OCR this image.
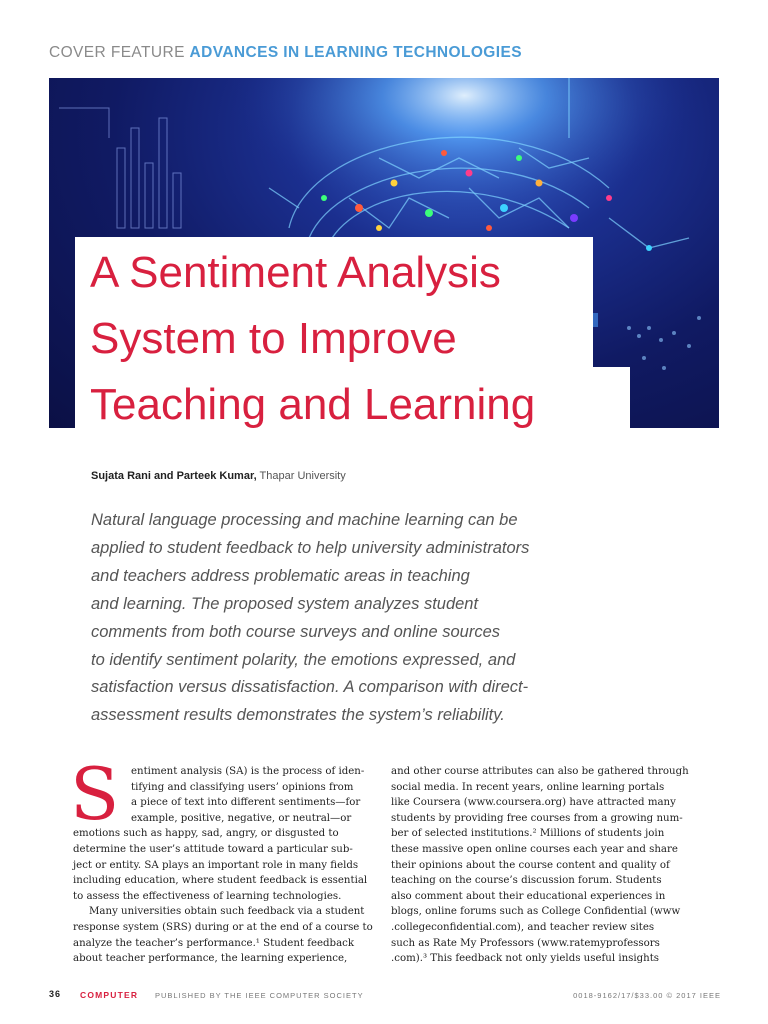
COVER FEATURE ADVANCES IN LEARNING TECHNOLOGIES
A Sentiment Analysis
System to Improve
Teaching and Learning
Sujata Rani and Parteek Kumar, Thapar University
Natural language processing and machine learning can be
applied to student feedback to help university administrators
and teachers address problematic areas in teaching
and learning. The proposed system analyzes student
comments from both course surveys and online sources
to identify sentiment polarity, the emotions expressed, and
satisfaction versus dissatisfaction. A comparison with direct-
assessment results demonstrates the system’s reliability.
S	entiment analysis (SA) is the process of iden-
tifying and classifying users’ opinions from
a piece of text into different sentiments—for
example, positive, negative, or neutral—or
emotions such as happy, sad, angry, or disgusted to
determine the user’s attitude toward a particular sub-
ject or entity. SA plays an important role in many fields
including education, where student feedback is essential
to assess the effectiveness of learning technologies.
Many universities obtain such feedback via a student
response system (SRS) during or at the end of a course to
analyze the teacher’s performance.¹ Student feedback
about teacher performance, the learning experience,
and other course attributes can also be gathered through
social media. In recent years, online learning portals
like Coursera (www.coursera.org) have attracted many
students by providing free courses from a growing num-
ber of selected institutions.² Millions of students join
these massive open online courses each year and share
their opinions about the course content and quality of
teaching on the course’s discussion forum. Students
also comment about their educational experiences in
blogs, online forums such as College Confidential (www
.collegeconfidential.com), and teacher review sites
such as Rate My Professors (www.ratemyprofessors
.com).³ This feedback not only yields useful insights
36 COMPUTER PUBLISHED BY THE IEEE COMPUTER SOCIETY	0018-9162/17/$33.00 © 2017 IEEE
